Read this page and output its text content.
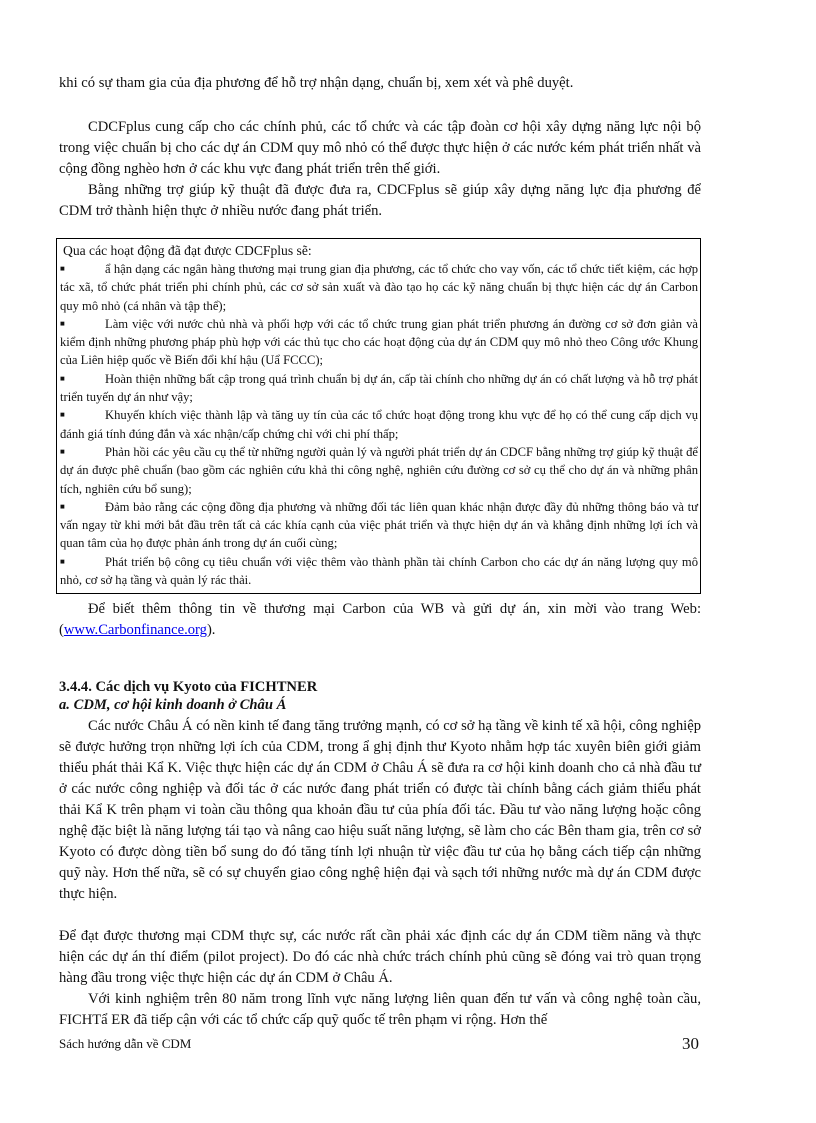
khi có sự tham gia của địa phương để hỗ trợ nhận dạng, chuẩn bị, xem xét và phê duyệt.

CDCFplus cung cấp cho các chính phủ, các tổ chức và các tập đoàn cơ hội xây dựng năng lực nội bộ trong việc chuẩn bị cho các dự án CDM quy mô nhỏ có thể được thực hiện ở các nước kém phát triển nhất và cộng đồng nghèo hơn ở các khu vực đang phát triển trên thế giới.

Bằng những trợ giúp kỹ thuật đã được đưa ra, CDCFplus sẽ giúp xây dựng năng lực địa phương để CDM trở thành hiện thực ở nhiều nước đang phát triển.

Qua các hoạt động đã đạt được CDCFplus sẽ:
■	ẩ hận dạng các ngân hàng thương mại trung gian địa phương, các tổ chức cho vay vốn, các tổ chức tiết kiệm, các hợp tác xã, tổ chức phát triển phi chính phủ, các cơ sở sản xuất và đào tạo họ các kỹ năng chuẩn bị thực hiện các dự án Carbon quy mô nhỏ (cá nhân và tập thể);
■	Làm việc với nước chủ nhà và phối hợp với các tổ chức trung gian phát triển phương án đường cơ sở đơn giản và kiểm định những phương pháp phù hợp với các thủ tục cho các hoạt động của dự án CDM quy mô nhỏ theo Công ước Khung của Liên hiệp quốc về Biến đổi khí hậu (Uẩ FCCC);
■	Hoàn thiện những bất cập trong quá trình chuẩn bị dự án, cấp tài chính cho những dự án có chất lượng và hỗ trợ phát triển tuyến dự án như vậy;
■	Khuyến khích việc thành lập và tăng uy tín của các tổ chức hoạt động trong khu vực để họ có thể cung cấp dịch vụ đánh giá tính đúng đắn và xác nhận/cấp chứng chỉ với chi phí thấp;
■	Phản hồi các yêu cầu cụ thể từ những người quản lý và người phát triển dự án CDCF bằng những trợ giúp kỹ thuật để dự án được phê chuẩn (bao gồm các nghiên cứu khả thi công nghệ, nghiên cứu đường cơ sở cụ thể cho dự án và những phân tích, nghiên cứu bổ sung);
■	Đảm bảo rằng các cộng đồng địa phương và những đối tác liên quan khác nhận được đầy đủ những thông báo và tư vấn ngay từ khi mới bắt đầu trên tất cả các khía cạnh của việc phát triển và thực hiện dự án và khẳng định những lợi ích và quan tâm của họ được phản ánh trong dự án cuối cùng;
■	Phát triển bộ công cụ tiêu chuẩn với việc thêm vào thành phần tài chính Carbon cho các dự án năng lượng quy mô nhỏ, cơ sở hạ tầng và quản lý rác thải.

Để biết thêm thông tin về thương mại Carbon của WB và gửi dự án, xin mời vào trang Web: (www.Carbonfinance.org).

3.4.4. Các dịch vụ Kyoto của FICHTNER
a. CDM, cơ hội kinh doanh ở Châu Á

Các nước Châu Á có nền kinh tế đang tăng trưởng mạnh, có cơ sở hạ tầng về kinh tế xã hội, công nghiệp sẽ được hưởng trọn những lợi ích của CDM, trong ẩ ghị định thư Kyoto nhằm hợp tác xuyên biên giới giảm thiểu phát thải Kẩ K. Việc thực hiện các dự án CDM ở Châu Á sẽ đưa ra cơ hội kinh doanh cho cả nhà đầu tư ở các nước công nghiệp và đối tác ở các nước đang phát triển có được tài chính bằng cách giảm thiểu phát thải Kẩ K trên phạm vi toàn cầu thông qua khoản đầu tư của phía đối tác. Đầu tư vào năng lượng hoặc công nghệ đặc biệt là năng lượng tái tạo và nâng cao hiệu suất năng lượng, sẽ làm cho các Bên tham gia, trên cơ sở Kyoto có được dòng tiền bổ sung do đó tăng tính lợi nhuận từ việc đầu tư của họ bằng cách tiếp cận những quỹ này. Hơn thế nữa, sẽ có sự chuyển giao công nghệ hiện đại và sạch tới những nước mà dự án CDM được thực hiện.

Để đạt được thương mại CDM thực sự, các nước rất cần phải xác định các dự án CDM tiềm năng và thực hiện các dự án thí điểm (pilot project). Do đó các nhà chức trách chính phủ cũng sẽ đóng vai trò quan trọng hàng đầu trong việc thực hiện các dự án CDM ở Châu Á.

Với kinh nghiệm trên 80 năm trong lĩnh vực năng lượng liên quan đến tư vấn và công nghệ toàn cầu, FICHTẩ ER đã tiếp cận với các tổ chức cấp quỹ quốc tế trên phạm vi rộng. Hơn thế

Sách hướng dẫn về CDM	30
